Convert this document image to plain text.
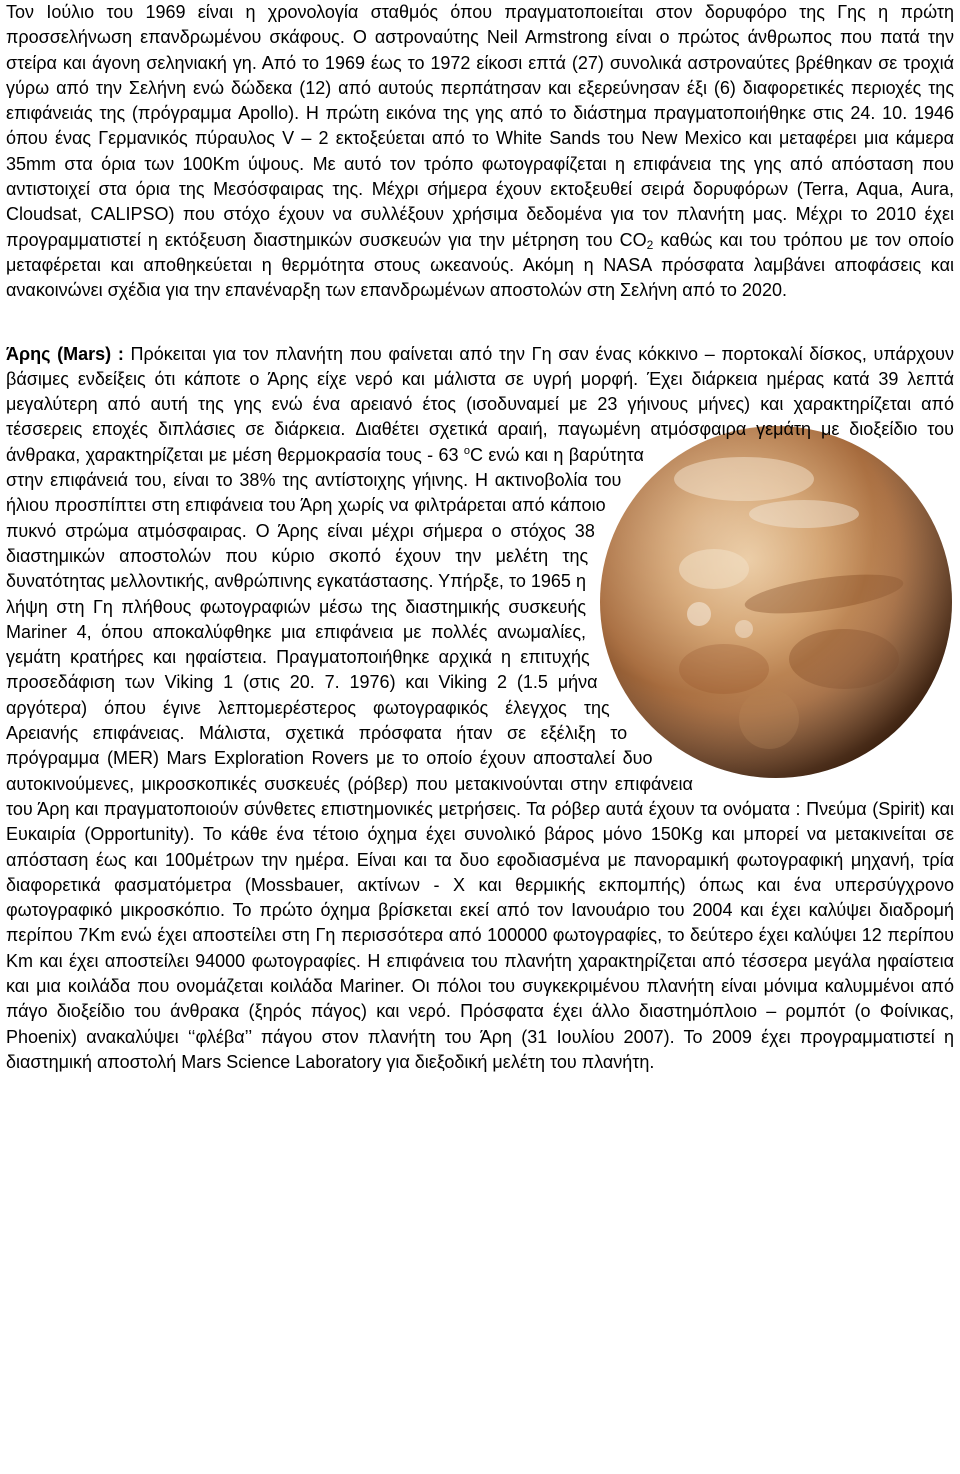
Τον Ιούλιο του 1969 είναι η χρονολογία σταθμός όπου πραγματοποιείται στον δορυφόρο της Γης η πρώτη προσσελήνωση επανδρωμένου σκάφους. Ο αστροναύτης Neil Armstrong είναι ο πρώτος άνθρωπος που πατά την στείρα και άγονη σεληνιακή γη. Από το 1969 έως το 1972 είκοσι επτά (27) συνολικά αστροναύτες βρέθηκαν σε τροχιά γύρω από την Σελήνη ενώ δώδεκα (12) από αυτούς περπάτησαν και εξερεύνησαν έξι (6) διαφορετικές περιοχές της επιφάνειάς της (πρόγραμμα Apollo). Η πρώτη εικόνα της γης από το διάστημα πραγματοποιήθηκε στις 24. 10. 1946 όπου ένας Γερμανικός πύραυλος V – 2 εκτοξεύεται από το White Sands του New Mexico και μεταφέρει μια κάμερα 35mm στα όρια των 100Km ύψους. Με αυτό τον τρόπο φωτογραφίζεται η επιφάνεια της γης από απόσταση που αντιστοιχεί στα όρια της Μεσόσφαιρας της. Μέχρι σήμερα έχουν εκτοξευθεί σειρά δορυφόρων (Terra, Aqua, Aura, Cloudsat, CALIPSO) που στόχο έχουν να συλλέξουν χρήσιμα δεδομένα για τον πλανήτη μας. Μέχρι το 2010 έχει προγραμματιστεί η εκτόξευση διαστημικών συσκευών για την μέτρηση του $CO_2$ καθώς και του τρόπου με τον οποίο μεταφέρεται και αποθηκεύεται η θερμότητα στους ωκεανούς. Ακόμη η NASA πρόσφατα λαμβάνει αποφάσεις και ανακοινώνει σχέδια για την επανέναρξη των επανδρωμένων αποστολών στη Σελήνη από το 2020.

Άρης (Mars) : Πρόκειται για τον πλανήτη που φαίνεται από την Γη σαν ένας κόκκινο – πορτοκαλί δίσκος, υπάρχουν βάσιμες ενδείξεις ότι κάποτε ο Άρης είχε νερό και μάλιστα σε υγρή μορφή. Έχει διάρκεια ημέρας κατά 39 λεπτά μεγαλύτερη από αυτή της γης ενώ ένα αρειανό έτος (ισοδυναμεί με 23 γήινους μήνες) και χαρακτηρίζεται από τέσσερεις εποχές διπλάσιες σε διάρκεια.
Διαθέτει σχετικά αραιή, παγωμένη ατμόσφαιρα γεμάτη με διοξείδιο του άνθρακα, χαρακτηρίζεται με μέση θερμοκρασία τους - 63 $^o$C ενώ και η βαρύτητα στην επιφάνειά του, είναι το 38% της αντίστοιχης γήινης. Η ακτινοβολία του ήλιου προσπίπτει στη επιφάνεια του Άρη χωρίς να φιλτράρεται από κάποιο πυκνό στρώμα ατμόσφαιρας. Ο Άρης είναι μέχρι σήμερα ο στόχος 38 διαστημικών αποστολών που κύριο σκοπό έχουν την μελέτη της δυνατότητας μελλοντικής, ανθρώπινης εγκατάστασης. Υπήρξε, το 1965 η λήψη στη Γη πλήθους φωτογραφιών μέσω της διαστημικής συσκευής Mariner 4, όπου αποκαλύφθηκε μια επιφάνεια με πολλές ανωμαλίες, γεμάτη κρατήρες και ηφαίστεια. Πραγματοποιήθηκε αρχικά η επιτυχής προσεδάφιση των Viking 1 (στις 20. 7. 1976) και Viking 2 (1.5 μήνα αργότερα) όπου έγινε λεπτομερέστερος φωτογραφικός έλεγχος της Αρειανής επιφάνειας. Μάλιστα, σχετικά πρόσφατα ήταν σε εξέλιξη το πρόγραμμα (MER) Mars Exploration Rovers με το οποίο έχουν αποσταλεί δυο αυτοκινούμενες, μικροσκοπικές συσκευές (ρόβερ) που μετακινούνται στην επιφάνεια του Άρη και πραγματοποιούν σύνθετες επιστημονικές μετρήσεις. Τα ρόβερ αυτά έχουν τα ονόματα : Πνεύμα (Spirit) και Ευκαιρία (Opportunity). Το κάθε ένα τέτοιο όχημα έχει συνολικό βάρος μόνο 150Kg και μπορεί να μετακινείται σε απόσταση έως και 100μέτρων την ημέρα. Είναι και τα δυο εφοδιασμένα με πανοραμική φωτογραφική μηχανή, τρία διαφορετικά φασματόμετρα (Mossbauer, ακτίνων - X και θερμικής εκπομπής) όπως και ένα υπερσύγχρονο φωτογραφικό μικροσκόπιο. Το πρώτο όχημα βρίσκεται εκεί από τον Ιανουάριο του 2004 και έχει καλύψει διαδρομή περίπου 7Km ενώ έχει αποστείλει στη Γη περισσότερα από 100000 φωτογραφίες, το δεύτερο έχει καλύψει 12 περίπου Km και έχει αποστείλει 94000 φωτογραφίες. Η επιφάνεια του πλανήτη χαρακτηρίζεται από τέσσερα μεγάλα ηφαίστεια και μια κοιλάδα που ονομάζεται κοιλάδα Mariner. Οι πόλοι του συγκεκριμένου πλανήτη είναι μόνιμα καλυμμένοι από πάγο διοξείδιο του άνθρακα (ξηρός πάγος) και νερό. Πρόσφατα έχει άλλο διαστημόπλοιο – ρομπότ (ο Φοίνικας, Phoenix) ανακαλύψει ‘‘φλέβα’’ πάγου στον πλανήτη του Άρη (31 Ιουλίου 2007). Το 2009 έχει προγραμματιστεί η διαστημική αποστολή Mars Science Laboratory για διεξοδική μελέτη του πλανήτη.
